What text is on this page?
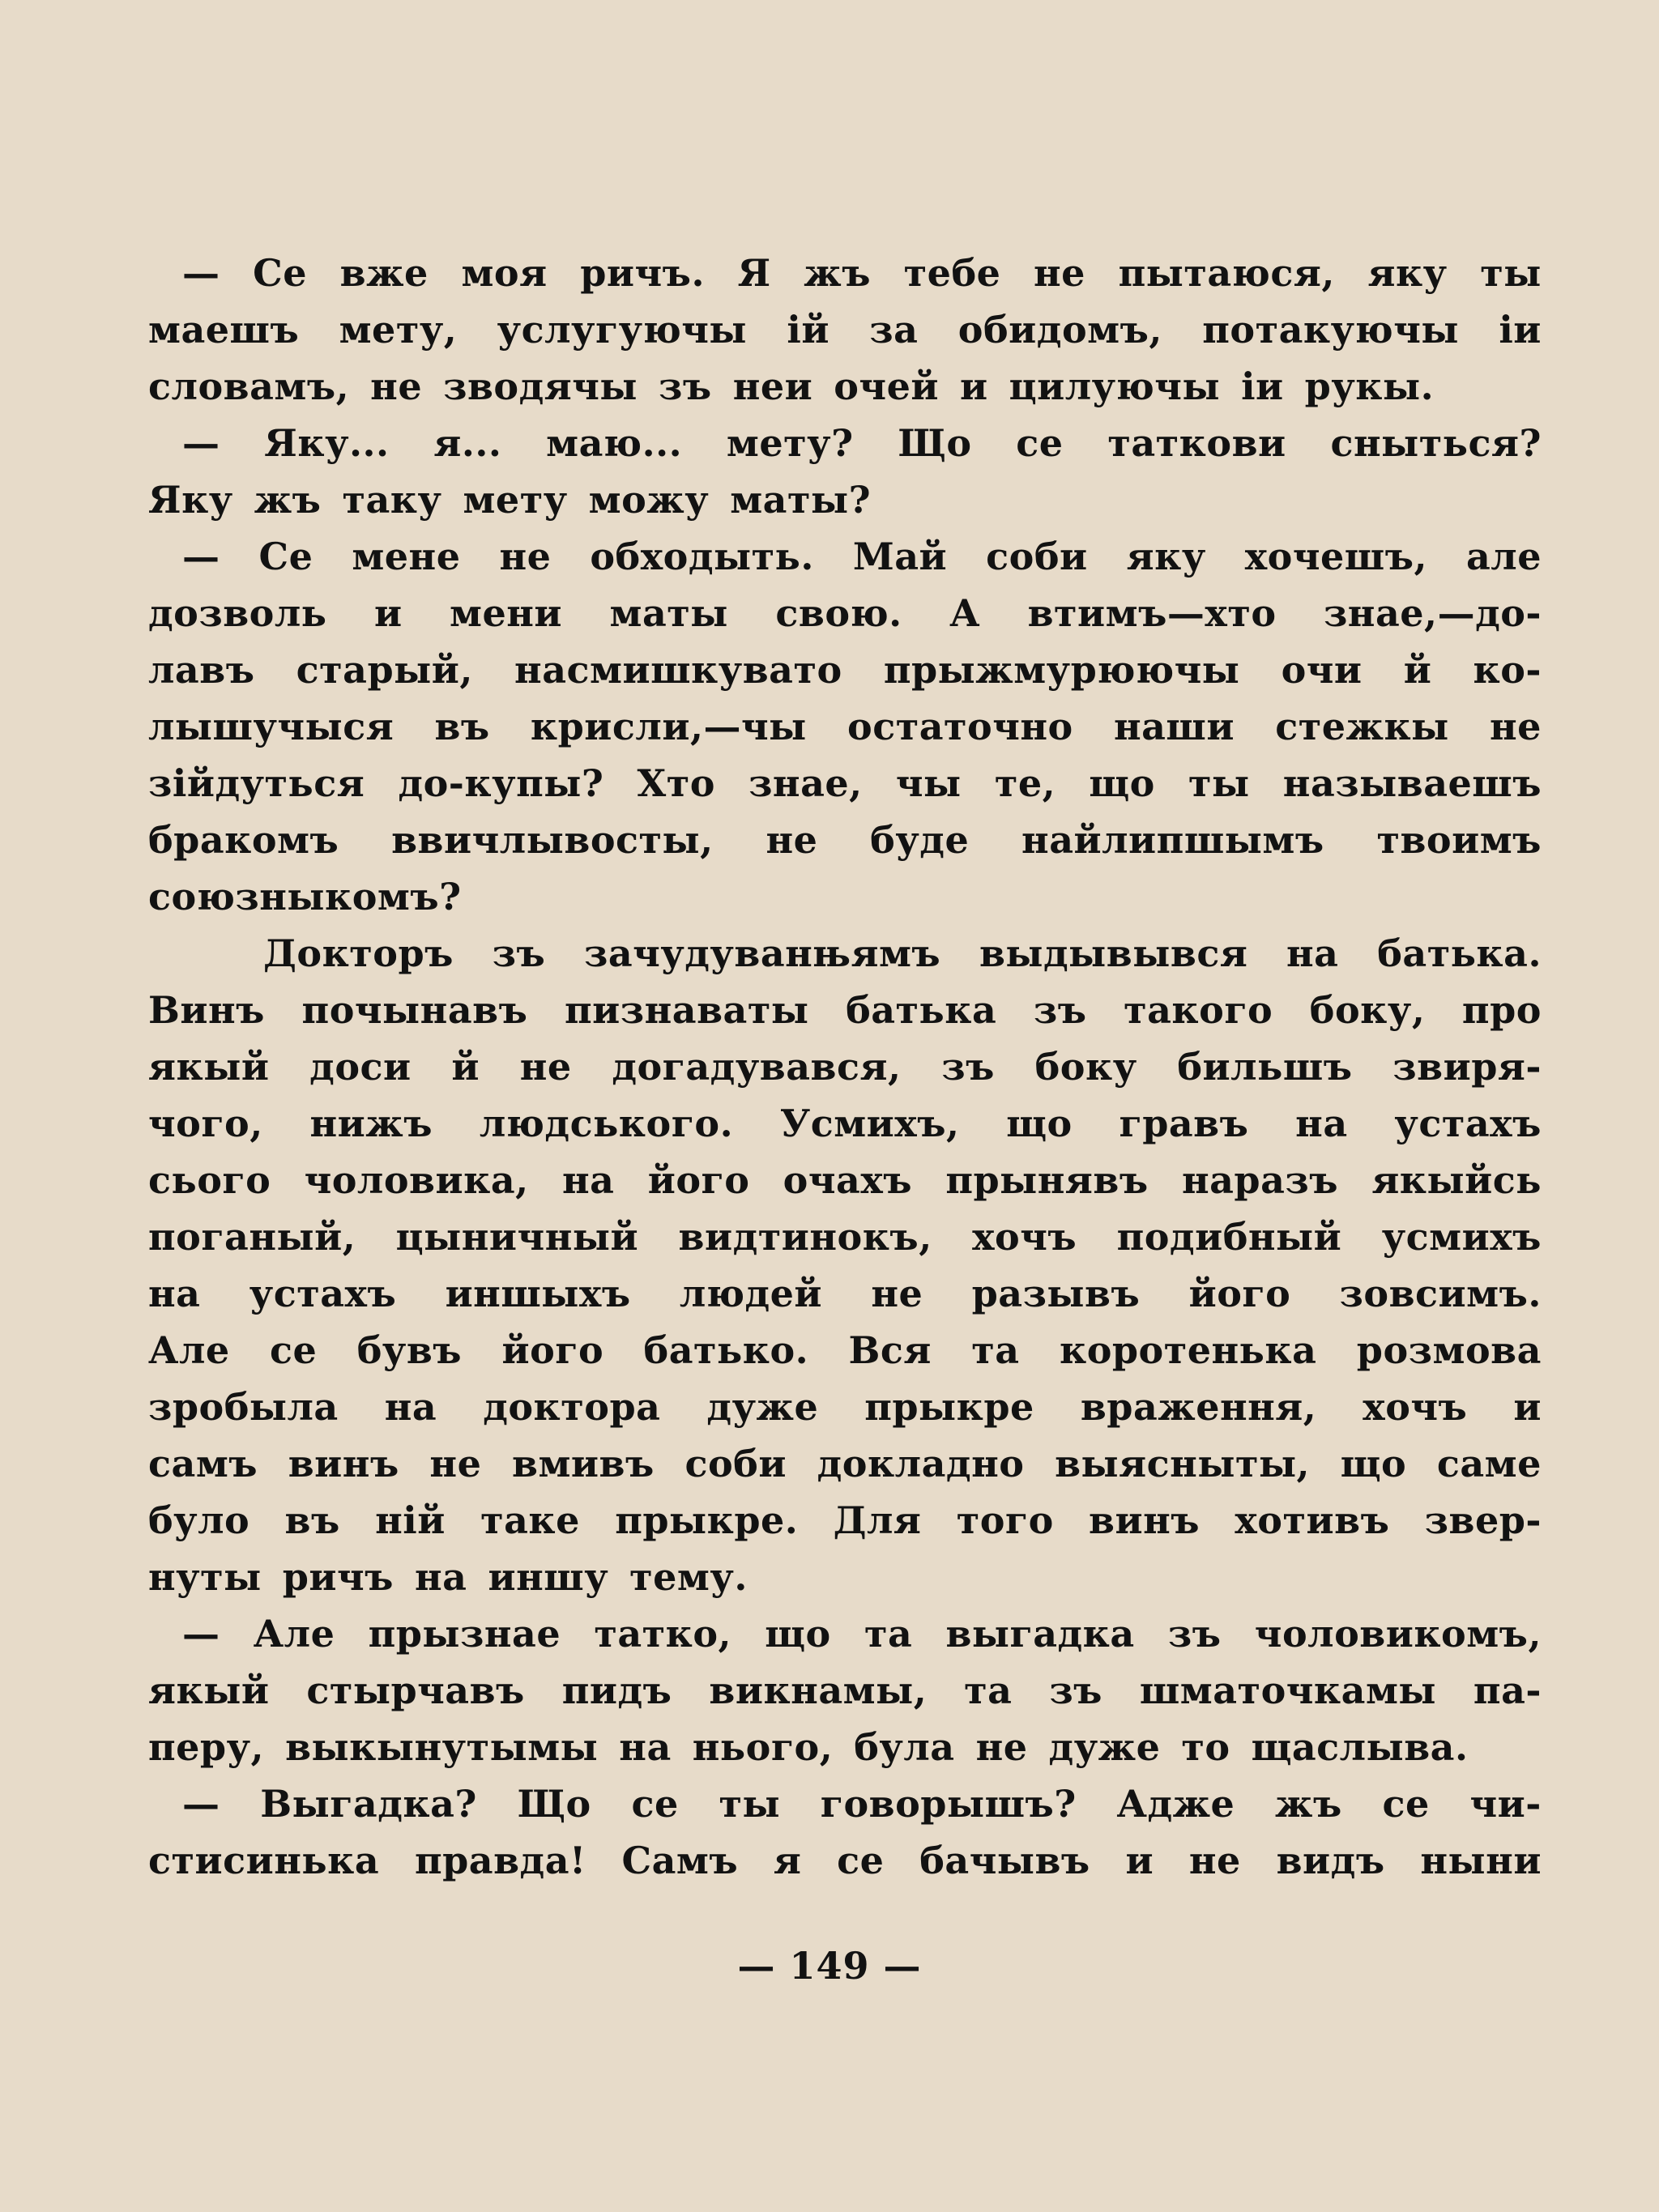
— Се вже моя ричъ. Я жъ тебе не пытаюся, яку ты
маешъ мету, услугуючы ій за обидомъ, потакуючы іи
словамъ, не зводячы зъ неи очей и цилуючы іи рукы.
— Яку... я... маю... мету? Що се таткови сныться?
Яку жъ таку мету можу маты?
— Се мене не обходыть. Май соби яку хочешъ, але
дозволь и мени маты свою. А втимъ—хто знае,—до-
лавъ старый, насмишкувато прыжмурюючы очи й ко-
лышучыся въ крисли,—чы остаточно наши стежкы не
зійдуться до-купы? Хто знае, чы те, що ты называешъ
бракомъ ввичлывосты, не буде найлипшымъ твоимъ
союзныкомъ?
Докторъ зъ зачудуванњямъ выдывывся на батька.
Винъ почынавъ пизнаваты батька зъ такого боку, про
якый доси й не догадувався, зъ боку бильшъ звиря-
чого, нижъ людського. Усмихъ, що гравъ на устахъ
сього чоловика, на його очахъ прынявъ наразъ якыйсь
поганый, цыничный видтинокъ, хочъ подибный усмихъ
на устахъ иншыхъ людей не разывъ його зовсимъ.
Але се бувъ його батько. Вся та коротенька розмова
зробыла на доктора дуже прыкре враження, хочъ и
самъ винъ не вмивъ соби докладно выясныты, що саме
було въ ній таке прыкре. Для того винъ хотивъ звер-
нуты ричъ на иншу тему.
— Але прызнае татко, що та выгадка зъ чоловикомъ,
якый стырчавъ пидъ викнамы, та зъ шматочкамы па-
перу, выкынутымы на нього, була не дуже то щаслыва.
— Выгадка? Що се ты говорышъ? Адже жъ се чи-
стисинька правда! Самъ я се бачывъ и не видъ ныни
— 149 —
